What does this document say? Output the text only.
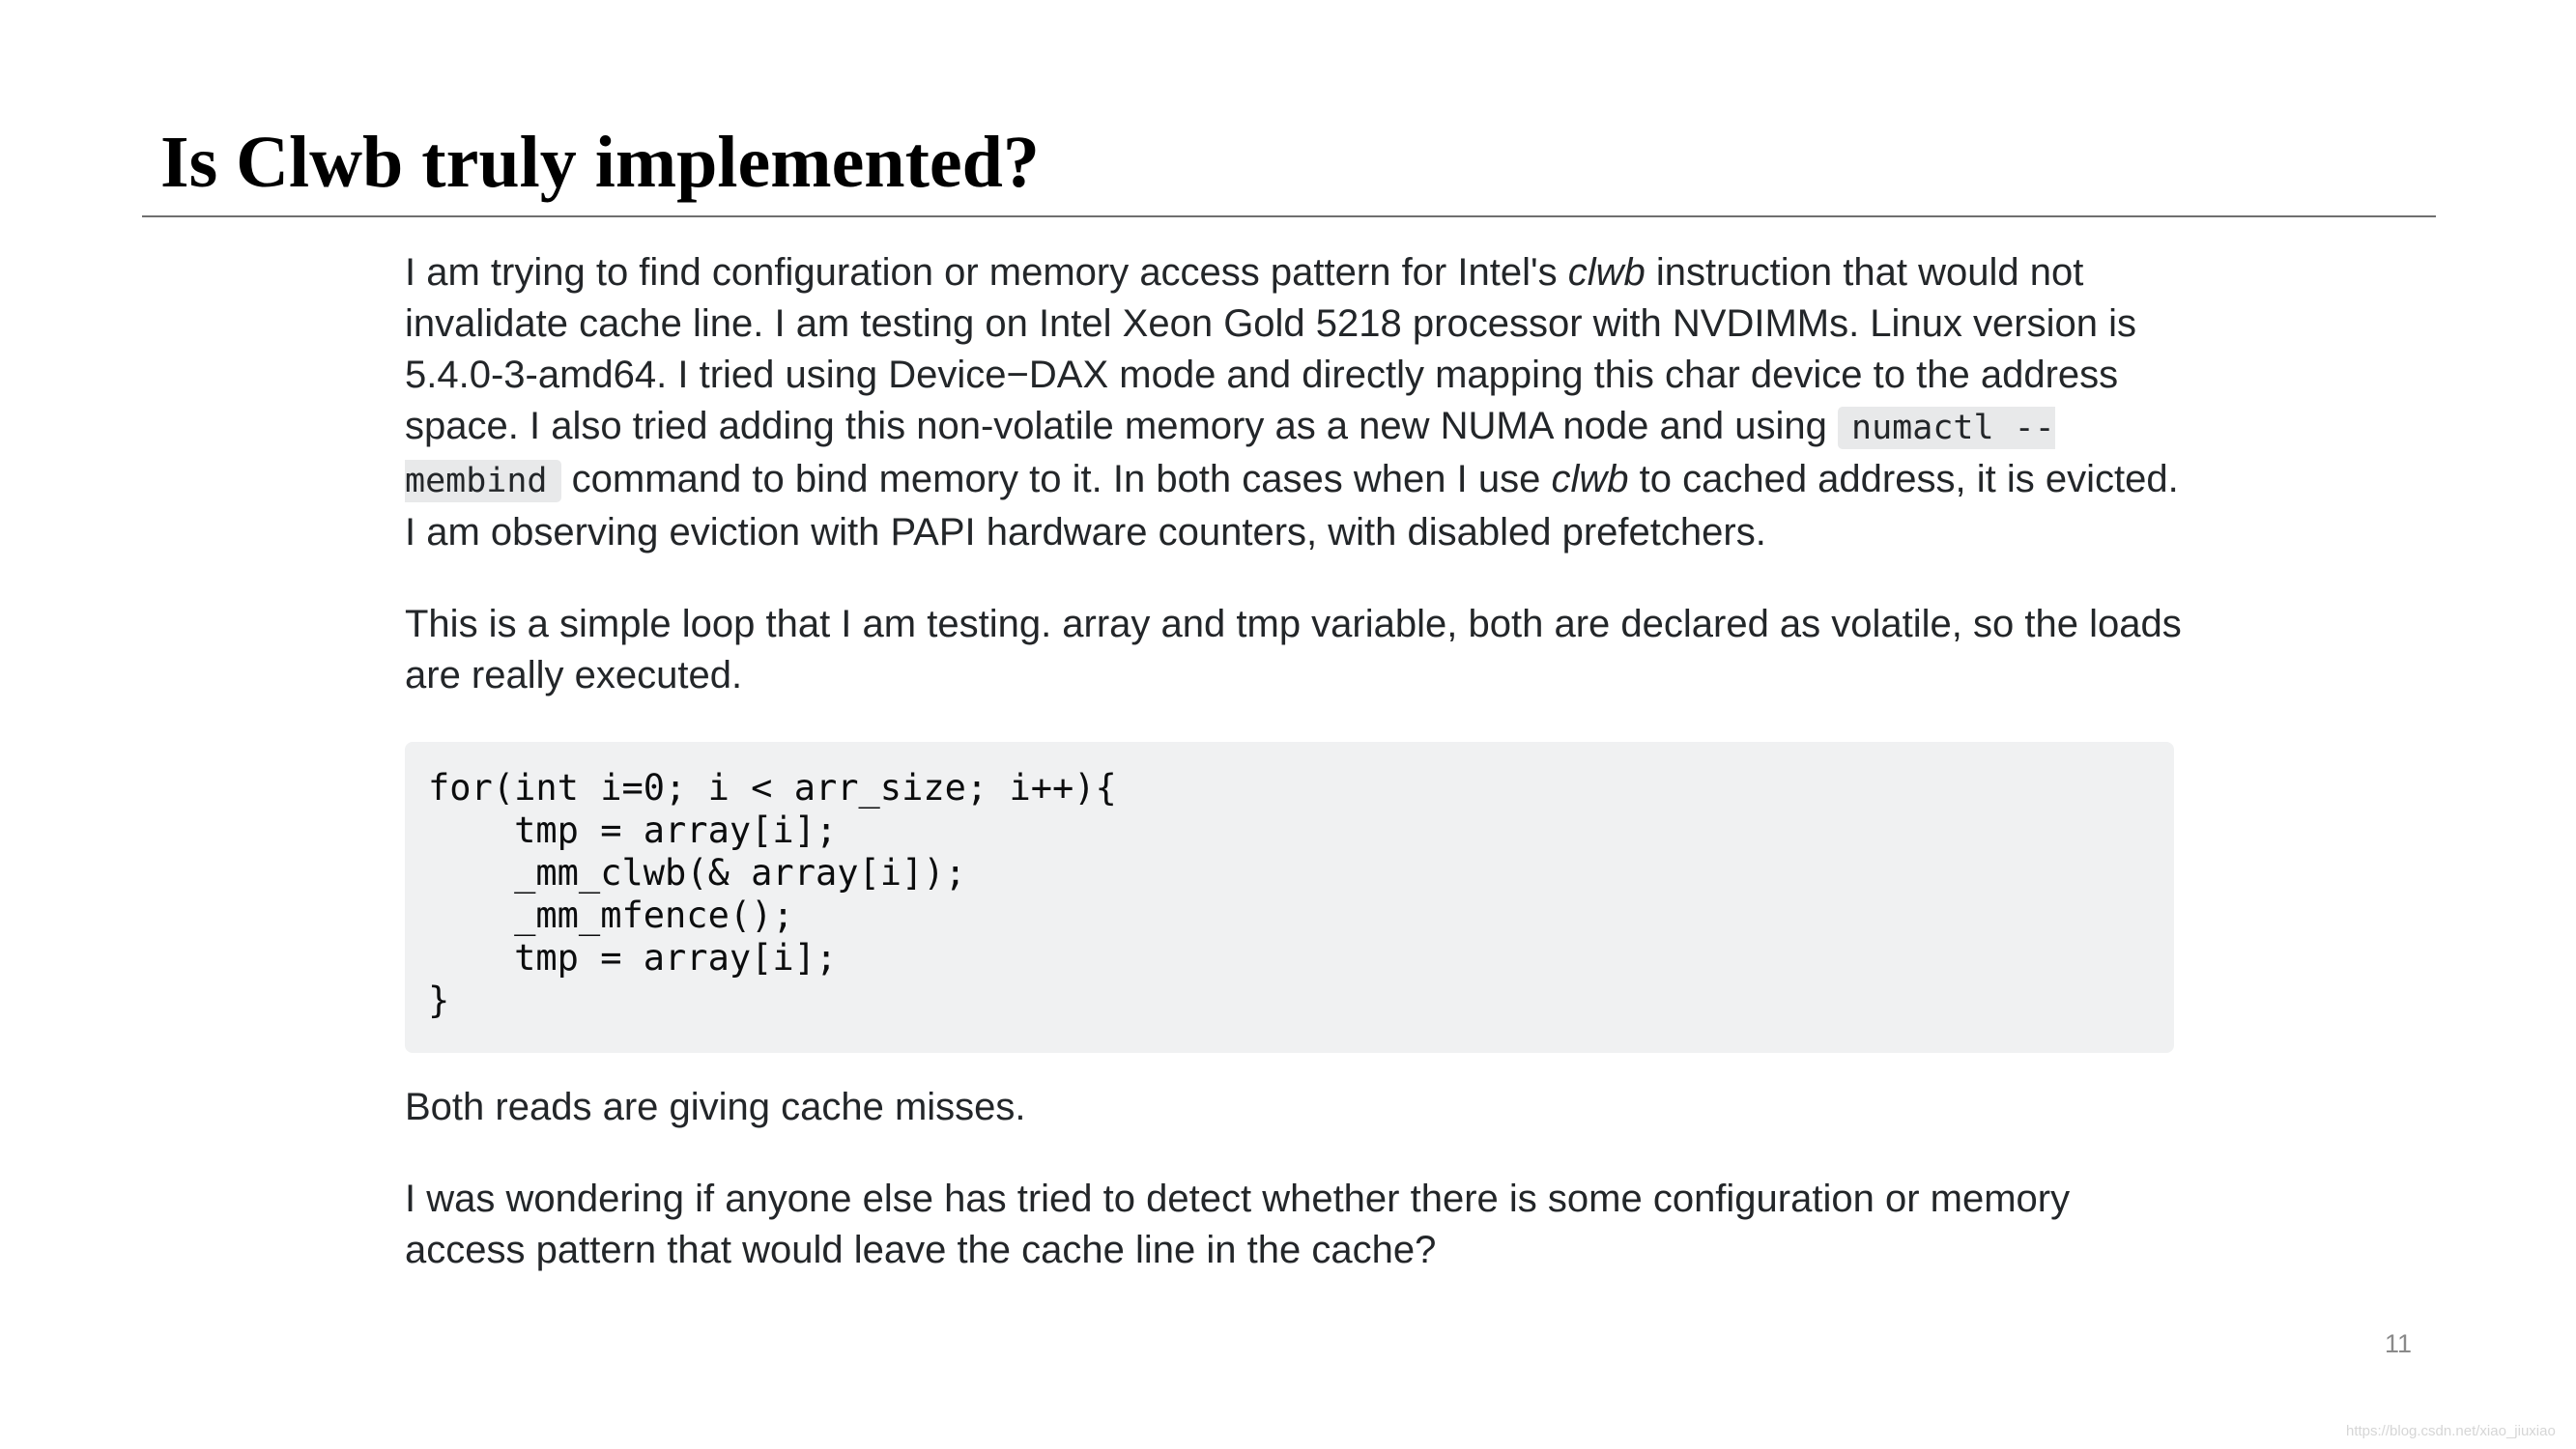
Is Clwb truly implemented?

I am trying to find configuration or memory access pattern for Intel's clwb instruction that would not invalidate cache line. I am testing on Intel Xeon Gold 5218 processor with NVDIMMs. Linux version is 5.4.0-3-amd64. I tried using Device−DAX mode and directly mapping this char device to the address space. I also tried adding this non-volatile memory as a new NUMA node and using numactl --membind command to bind memory to it. In both cases when I use clwb to cached address, it is evicted. I am observing eviction with PAPI hardware counters, with disabled prefetchers.

This is a simple loop that I am testing. array and tmp variable, both are declared as volatile, so the loads are really executed.

for(int i=0; i < arr_size; i++){
tmp = array[i];
_mm_clwb(& array[i]);
_mm_mfence();
tmp = array[i];
}

Both reads are giving cache misses.

I was wondering if anyone else has tried to detect whether there is some configuration or memory access pattern that would leave the cache line in the cache?

11
https://blog.csdn.net/xiao_jiuxiao
